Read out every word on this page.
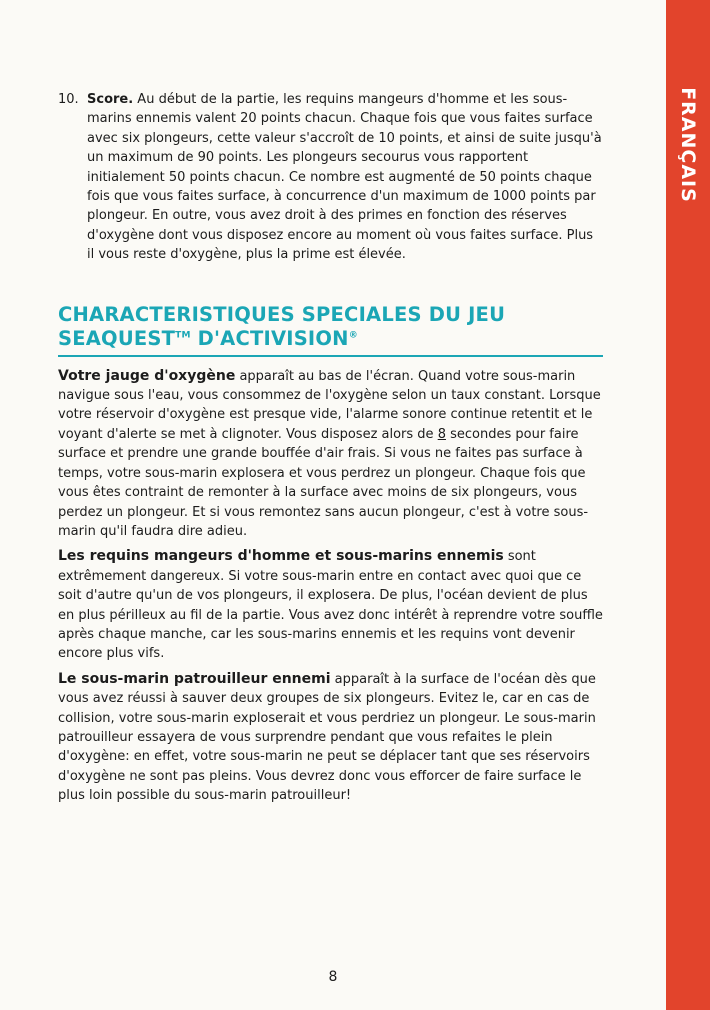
FRANÇAIS
10. Score. Au début de la partie, les requins mangeurs d'homme et les sous-marins ennemis valent 20 points chacun. Chaque fois que vous faites surface avec six plongeurs, cette valeur s'accroît de 10 points, et ainsi de suite jusqu'à un maximum de 90 points. Les plongeurs secourus vous rapportent initialement 50 points chacun. Ce nombre est augmenté de 50 points chaque fois que vous faites surface, à concurrence d'un maximum de 1000 points par plongeur. En outre, vous avez droit à des primes en fonction des réserves d'oxygène dont vous disposez encore au moment où vous faites surface. Plus il vous reste d'oxygène, plus la prime est élevée.
CHARACTERISTIQUES SPECIALES DU JEU
SEAQUEST™ D'ACTIVISION®

Votre jauge d'oxygène apparaît au bas de l'écran. Quand votre sous-marin navigue sous l'eau, vous consommez de l'oxygène selon un taux constant. Lorsque votre réservoir d'oxygène est presque vide, l'alarme sonore continue retentit et le voyant d'alerte se met à clignoter. Vous disposez alors de 8 secondes pour faire surface et prendre une grande bouffée d'air frais. Si vous ne faites pas surface à temps, votre sous-marin explosera et vous perdrez un plongeur. Chaque fois que vous êtes contraint de remonter à la surface avec moins de six plongeurs, vous perdez un plongeur. Et si vous remontez sans aucun plongeur, c'est à votre sous-marin qu'il faudra dire adieu.

Les requins mangeurs d'homme et sous-marins ennemis sont extrêmement dangereux. Si votre sous-marin entre en contact avec quoi que ce soit d'autre qu'un de vos plongeurs, il explosera. De plus, l'océan devient de plus en plus périlleux au fil de la partie. Vous avez donc intérêt à reprendre votre souffle après chaque manche, car les sous-marins ennemis et les requins vont devenir encore plus vifs.

Le sous-marin patrouilleur ennemi apparaît à la surface de l'océan dès que vous avez réussi à sauver deux groupes de six plongeurs. Evitez le, car en cas de collision, votre sous-marin exploserait et vous perdriez un plongeur. Le sous-marin patrouilleur essayera de vous surprendre pendant que vous refaites le plein d'oxygène: en effet, votre sous-marin ne peut se déplacer tant que ses réservoirs d'oxygène ne sont pas pleins. Vous devrez donc vous efforcer de faire surface le plus loin possible du sous-marin patrouilleur!

8
